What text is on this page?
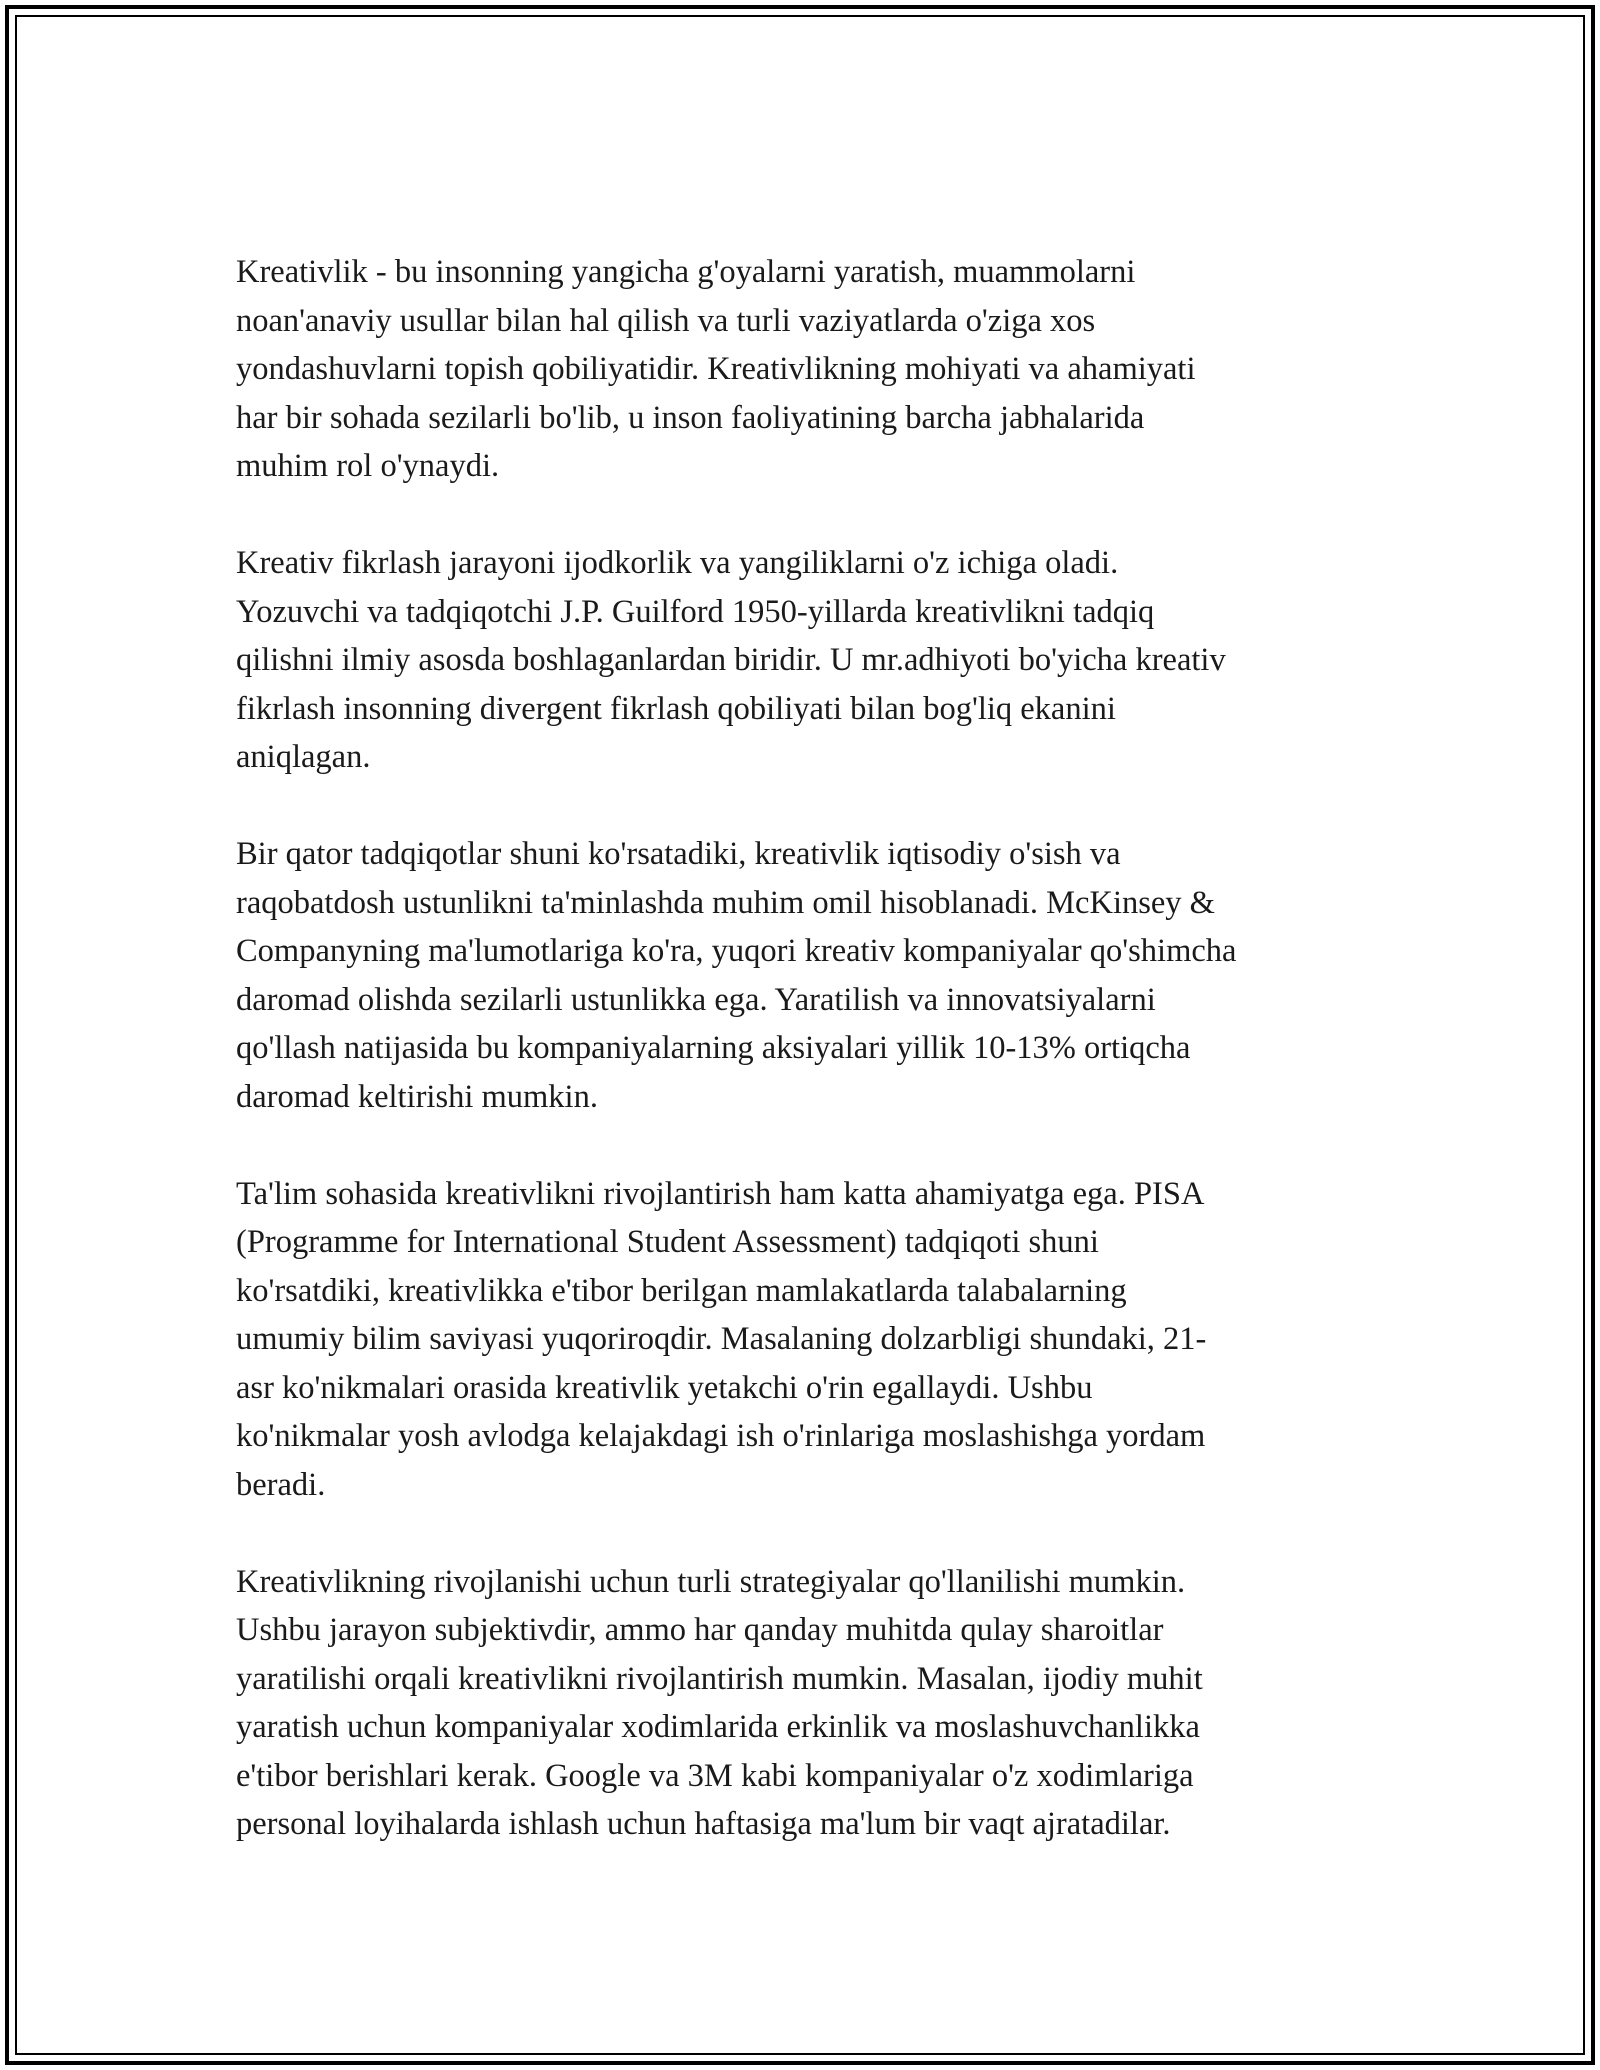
Kreativlik - bu insonning yangicha g'oyalarni yaratish, muammolarni
noan'anaviy usullar bilan hal qilish va turli vaziyatlarda o'ziga xos
yondashuvlarni topish qobiliyatidir. Kreativlikning mohiyati va ahamiyati
har bir sohada sezilarli bo'lib, u inson faoliyatining barcha jabhalarida
muhim rol o'ynaydi.

Kreativ fikrlash jarayoni ijodkorlik va yangiliklarni o'z ichiga oladi.
Yozuvchi va tadqiqotchi J.P. Guilford 1950-yillarda kreativlikni tadqiq
qilishni ilmiy asosda boshlaganlardan biridir. U mr.adhiyoti bo'yicha kreativ
fikrlash insonning divergent fikrlash qobiliyati bilan bog'liq ekanini
aniqlagan.

Bir qator tadqiqotlar shuni ko'rsatadiki, kreativlik iqtisodiy o'sish va
raqobatdosh ustunlikni ta'minlashda muhim omil hisoblanadi. McKinsey &
Companyning ma'lumotlariga ko'ra, yuqori kreativ kompaniyalar qo'shimcha
daromad olishda sezilarli ustunlikka ega. Yaratilish va innovatsiyalarni
qo'llash natijasida bu kompaniyalarning aksiyalari yillik 10-13% ortiqcha
daromad keltirishi mumkin.

Ta'lim sohasida kreativlikni rivojlantirish ham katta ahamiyatga ega. PISA
(Programme for International Student Assessment) tadqiqoti shuni
ko'rsatdiki, kreativlikka e'tibor berilgan mamlakatlarda talabalarning
umumiy bilim saviyasi yuqoriroqdir. Masalaning dolzarbligi shundaki, 21-
asr ko'nikmalari orasida kreativlik yetakchi o'rin egallaydi. Ushbu
ko'nikmalar yosh avlodga kelajakdagi ish o'rinlariga moslashishga yordam
beradi.

Kreativlikning rivojlanishi uchun turli strategiyalar qo'llanilishi mumkin.
Ushbu jarayon subjektivdir, ammo har qanday muhitda qulay sharoitlar
yaratilishi orqali kreativlikni rivojlantirish mumkin. Masalan, ijodiy muhit
yaratish uchun kompaniyalar xodimlarida erkinlik va moslashuvchanlikka
e'tibor berishlari kerak. Google va 3M kabi kompaniyalar o'z xodimlariga
personal loyihalarda ishlash uchun haftasiga ma'lum bir vaqt ajratadilar.
